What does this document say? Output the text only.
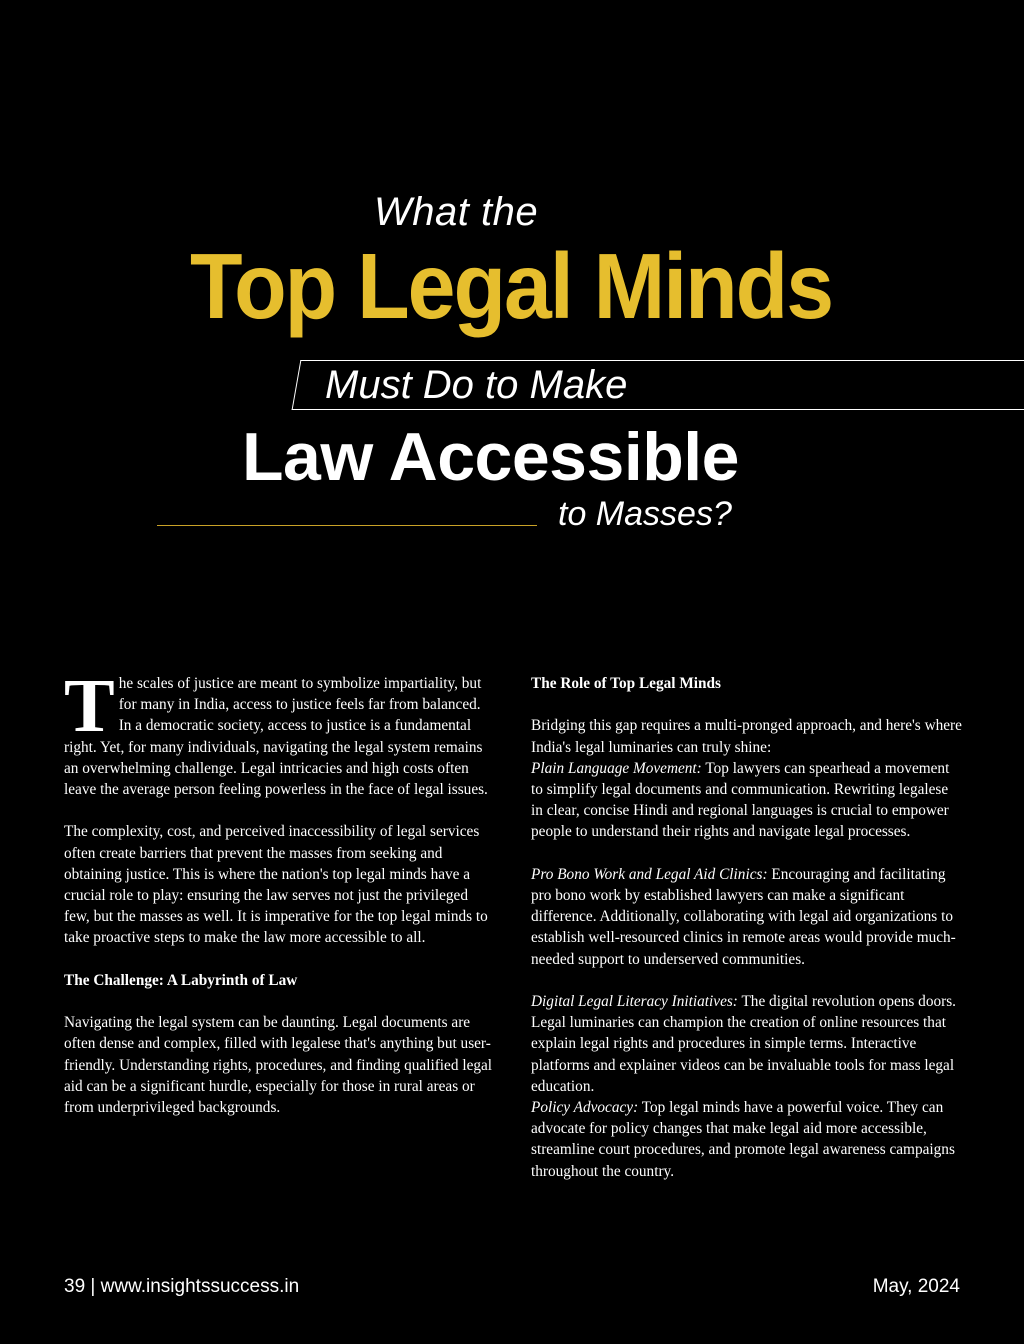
What the
Top Legal Minds
Must Do to Make
Law Accessible
to Masses?

The scales of justice are meant to symbolize impartiality, but for many in India, access to justice feels far from balanced. In a democratic society, access to justice is a fundamental right. Yet, for many individuals, navigating the legal system remains an overwhelming challenge. Legal intricacies and high costs often leave the average person feeling powerless in the face of legal issues.

The complexity, cost, and perceived inaccessibility of legal services often create barriers that prevent the masses from seeking and obtaining justice. This is where the nation's top legal minds have a crucial role to play: ensuring the law serves not just the privileged few, but the masses as well. It is imperative for the top legal minds to take proactive steps to make the law more accessible to all.

The Challenge: A Labyrinth of Law

Navigating the legal system can be daunting. Legal documents are often dense and complex, filled with legalese that's anything but user-friendly. Understanding rights, procedures, and finding qualified legal aid can be a significant hurdle, especially for those in rural areas or from underprivileged backgrounds.

The Role of Top Legal Minds

Bridging this gap requires a multi-pronged approach, and here's where India's legal luminaries can truly shine:

Plain Language Movement: Top lawyers can spearhead a movement to simplify legal documents and communication. Rewriting legalese in clear, concise Hindi and regional languages is crucial to empower people to understand their rights and navigate legal processes.

Pro Bono Work and Legal Aid Clinics: Encouraging and facilitating pro bono work by established lawyers can make a significant difference. Additionally, collaborating with legal aid organizations to establish well-resourced clinics in remote areas would provide much-needed support to underserved communities.

Digital Legal Literacy Initiatives: The digital revolution opens doors. Legal luminaries can champion the creation of online resources that explain legal rights and procedures in simple terms. Interactive platforms and explainer videos can be invaluable tools for mass legal education.

Policy Advocacy: Top legal minds have a powerful voice. They can advocate for policy changes that make legal aid more accessible, streamline court procedures, and promote legal awareness campaigns throughout the country.

39 | www.insightssuccess.in	May, 2024
